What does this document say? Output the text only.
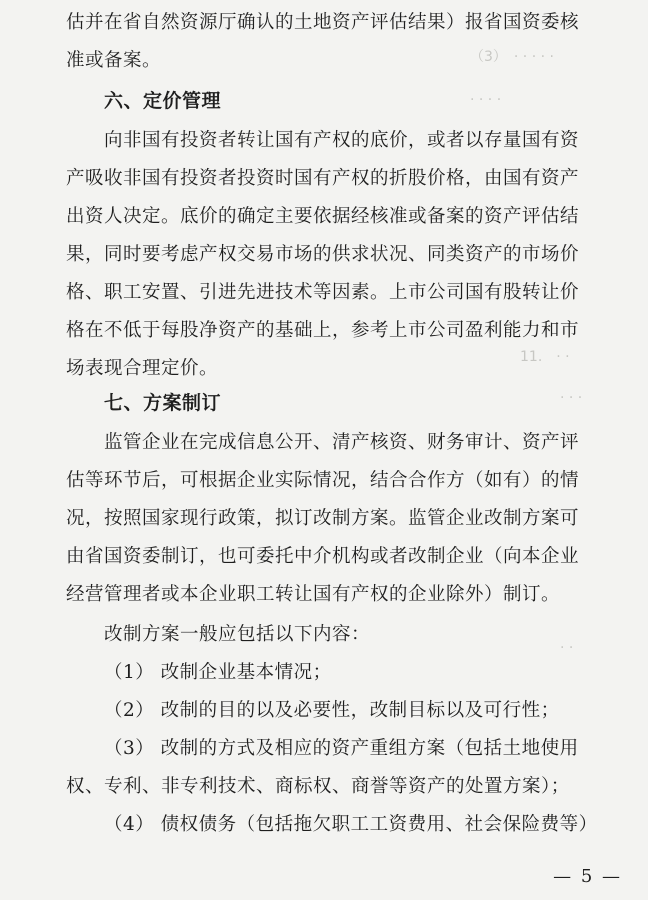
（3）　· · · · ·
· · · ·
11.　· ·
· · ·
· ·
估并在省自然资源厅确认的土地资产评估结果）报省国资委核
准或备案。
六、定价管理
向非国有投资者转让国有产权的底价，或者以存量国有资
产吸收非国有投资者投资时国有产权的折股价格，由国有资产
出资人决定。底价的确定主要依据经核准或备案的资产评估结
果，同时要考虑产权交易市场的供求状况、同类资产的市场价
格、职工安置、引进先进技术等因素。上市公司国有股转让价
格在不低于每股净资产的基础上，参考上市公司盈利能力和市
场表现合理定价。
七、方案制订
监管企业在完成信息公开、清产核资、财务审计、资产评
估等环节后，可根据企业实际情况，结合合作方（如有）的情
况，按照国家现行政策，拟订改制方案。监管企业改制方案可
由省国资委制订，也可委托中介机构或者改制企业（向本企业
经营管理者或本企业职工转让国有产权的企业除外）制订。
改制方案一般应包括以下内容：
（1） 改制企业基本情况；
（2） 改制的目的以及必要性，改制目标以及可行性；
（3） 改制的方式及相应的资产重组方案（包括土地使用
权、专利、非专利技术、商标权、商誉等资产的处置方案）；
（4） 债权债务（包括拖欠职工工资费用、社会保险费等）
— 5 —
